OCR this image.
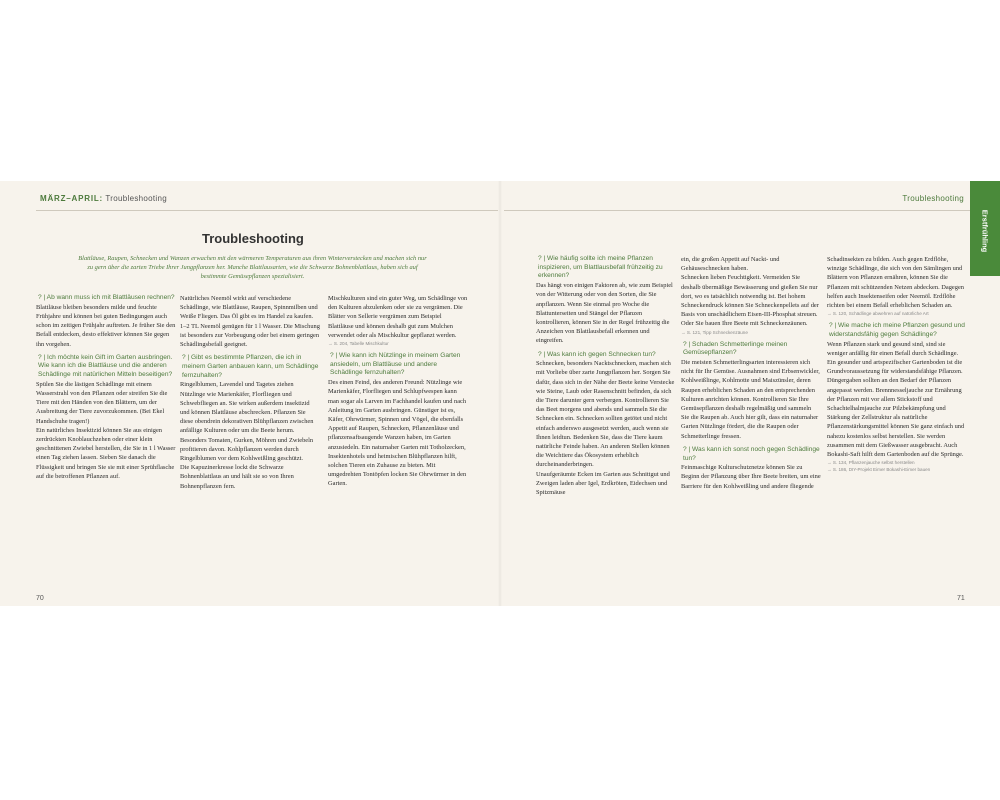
MÄRZ–APRIL: Troubleshooting	Troubleshooting
Erstfrühling
Troubleshooting
Blattläuse, Raupen, Schnecken und Wanzen erwachen mit den wärmeren Temperaturen aus ihren Winterverstecken und machen sich nur zu gern über die zarten Triebe Ihrer Jungpflanzen her. Manche Blattlausarten, wie die Schwarze Bohnenblattlaus, haben sich auf bestimmte Gemüsepflanzen spezialisiert.

? | Ab wann muss ich mit Blattläusen rechnen?

Blattläuse bleiben besonders milde und feuchte Frühjahre und können bei guten Bedingungen auch schon im zeitigen Frühjahr auftreten. Je früher Sie den Befall entdecken, desto effektiver können Sie gegen ihn vorgehen.

? | Ich möchte kein Gift im Garten ausbringen. Wie kann ich die Blattläuse und die anderen Schädlinge mit natürlichen Mitteln beseitigen?

Spülen Sie die lästigen Schädlinge mit einem Wasserstrahl von den Pflanzen oder streifen Sie die Tiere mit den Händen von den Blättern, um der Ausbreitung der Tiere zuvorzukommen. (Bei Ekel Handschuhe tragen!)

Ein natürliches Insektizid können Sie aus einigen zerdrückten Knoblauchzehen oder einer klein geschnittenen Zwiebel herstellen, die Sie in 1 l Wasser einen Tag ziehen lassen. Sieben Sie danach die Flüssigkeit und bringen Sie sie mit einer Sprühflasche auf die betroffenen Pflanzen auf.

Natürliches Neemöl wirkt auf verschiedene Schädlinge, wie Blattläuse, Raupen, Spinnmilben und Weiße Fliegen. Das Öl gibt es im Handel zu kaufen. 1–2 TL Neemöl genügen für 1 l Wasser. Die Mischung ist besonders zur Vorbeugung oder bei einem geringen Schädlingsbefall geeignet.

? | Gibt es bestimmte Pflanzen, die ich in meinem Garten anbauen kann, um Schädlinge fernzuhalten?

Ringelblumen, Lavendel und Tagetes ziehen Nützlinge wie Marienkäfer, Florfliegen und Schwebfliegen an. Sie wirken außerdem insektizid und können Blattläuse abschrecken. Pflanzen Sie diese obendrein dekorativen Blühpflanzen zwischen anfällige Kulturen oder um die Beete herum. Besonders Tomaten, Gurken, Möhren und Zwiebeln profitieren davon. Kohlpflanzen werden durch Ringelblumen vor dem Kohlweißling geschützt.

Die Kapuzinerkresse lockt die Schwarze Bohnenblattlaus an und hält sie so von Ihren Bohnenpflanzen fern.

Mischkulturen sind ein guter Weg, um Schädlinge von den Kulturen abzulenken oder sie zu vergrämen. Die Blätter von Sellerie vergrämen zum Beispiel Blattläuse und können deshalb gut zum Mulchen verwendet oder als Mischkultur gepflanzt werden.

→ S. 204, Tabelle Mischkultur

? | Wie kann ich Nützlinge in meinem Garten ansiedeln, um Blattläuse und andere Schädlinge fernzuhalten?

Des einen Feind, des anderen Freund: Nützlinge wie Marienkäfer, Florfliegen und Schlupfwespen kann man sogar als Larven im Fachhandel kaufen und nach Anleitung im Garten ausbringen. Günstiger ist es, Käfer, Ohrwürmer, Spinnen und Vögel, die ebenfalls Appetit auf Raupen, Schnecken, Pflanzenläuse und pflanzensaftsaugende Wanzen haben, im Garten anzusiedeln. Ein naturnaher Garten mit Totholzecken, Insektenhotels und heimischen Blühpflanzen hilft, solchen Tieren ein Zuhause zu bieten. Mit umgedrehten Tontöpfen locken Sie Ohrwürmer in den Garten.

? | Wie häufig sollte ich meine Pflanzen inspizieren, um Blattlausbefall frühzeitig zu erkennen?

Das hängt von einigen Faktoren ab, wie zum Beispiel von der Witterung oder von den Sorten, die Sie anpflanzen. Wenn Sie einmal pro Woche die Blattunterseiten und Stängel der Pflanzen kontrollieren, können Sie in der Regel frühzeitig die Anzeichen von Blattlausbefall erkennen und eingreifen.

? | Was kann ich gegen Schnecken tun?

Schnecken, besonders Nacktschnecken, machen sich mit Vorliebe über zarte Jungpflanzen her. Sorgen Sie dafür, dass sich in der Nähe der Beete keine Verstecke wie Steine, Laub oder Rasenschnitt befinden, da sich die Tiere darunter gern verbergen. Kontrollieren Sie das Beet morgens und abends und sammeln Sie die Schnecken ein. Schnecken sollten getötet und nicht einfach anderswo ausgesetzt werden, auch wenn sie Ihnen leidtun. Bedenken Sie, dass die Tiere kaum natürliche Feinde haben. An anderen Stellen können die Weichtiere das Ökosystem erheblich durcheinanderbringen.

Unaufgeräumte Ecken im Garten aus Schnittgut und Zweigen laden aber Igel, Erdkröten, Eidechsen und Spitzmäuse

ein, die großen Appetit auf Nackt- und Gehäuseschnecken haben.

Schnecken lieben Feuchtigkeit. Vermeiden Sie deshalb übermäßige Bewässerung und gießen Sie nur dort, wo es tatsächlich notwendig ist. Bei hohem Schneckendruck können Sie Schneckenpellets auf der Basis von unschädlichem Eisen-III-Phosphat streuen. Oder Sie bauen Ihre Beete mit Schneckenzäunen.

→ S. 121, Tipp Schneckenzäune

? | Schaden Schmetterlinge meinen Gemüsepflanzen?

Die meisten Schmetterlingsarten interessieren sich nicht für Ihr Gemüse. Ausnahmen sind Erbsenwickler, Kohlweißlinge, Kohlmotte und Maiszünsler, deren Raupen erheblichen Schaden an den entsprechenden Kulturen anrichten können. Kontrollieren Sie Ihre Gemüsepflanzen deshalb regelmäßig und sammeln Sie die Raupen ab. Auch hier gilt, dass ein naturnaher Garten Nützlinge fördert, die die Raupen oder Schmetterlinge fressen.

? | Was kann ich sonst noch gegen Schädlinge tun?

Feinmaschige Kulturschutznetze können Sie zu Beginn der Pflanzung über Ihre Beete breiten, um eine Barriere für den Kohlweißling und andere fliegende

Schadinsekten zu bilden. Auch gegen Erdflöhe, winzige Schädlinge, die sich von den Sämlingen und Blättern von Pflanzen ernähren, können Sie die Pflanzen mit schützenden Netzen abdecken. Dagegen helfen auch Insektenseifen oder Neemöl. Erdflöhe richten bei einem Befall erheblichen Schaden an.

→ S. 120, Schädlinge abwehren auf natürliche Art

? | Wie mache ich meine Pflanzen gesund und widerstandsfähig gegen Schädlinge?

Wenn Pflanzen stark und gesund sind, sind sie weniger anfällig für einen Befall durch Schädlinge. Ein gesunder und artspezifischer Gartenboden ist die Grundvoraussetzung für widerstandsfähige Pflanzen. Düngergaben sollten an den Bedarf der Pflanzen angepasst werden. Brennnesseljauche zur Ernährung der Pflanzen mit vor allem Stickstoff und Schachtelhalmjauche zur Pilzbekämpfung und Stärkung der Zellstruktur als natürliche Pflanzenstärkungsmittel können Sie ganz einfach und nahezu kostenlos selbst herstellen. Sie werden zusammen mit dem Gießwasser ausgebracht. Auch Bokashi-Saft hilft dem Gartenboden auf die Sprünge.

→ S. 134, Pflanzenjauche selbst herstellen

→ S. 186, DIY-Projekt Eimer Bokashi-Eimer bauen

70	71
